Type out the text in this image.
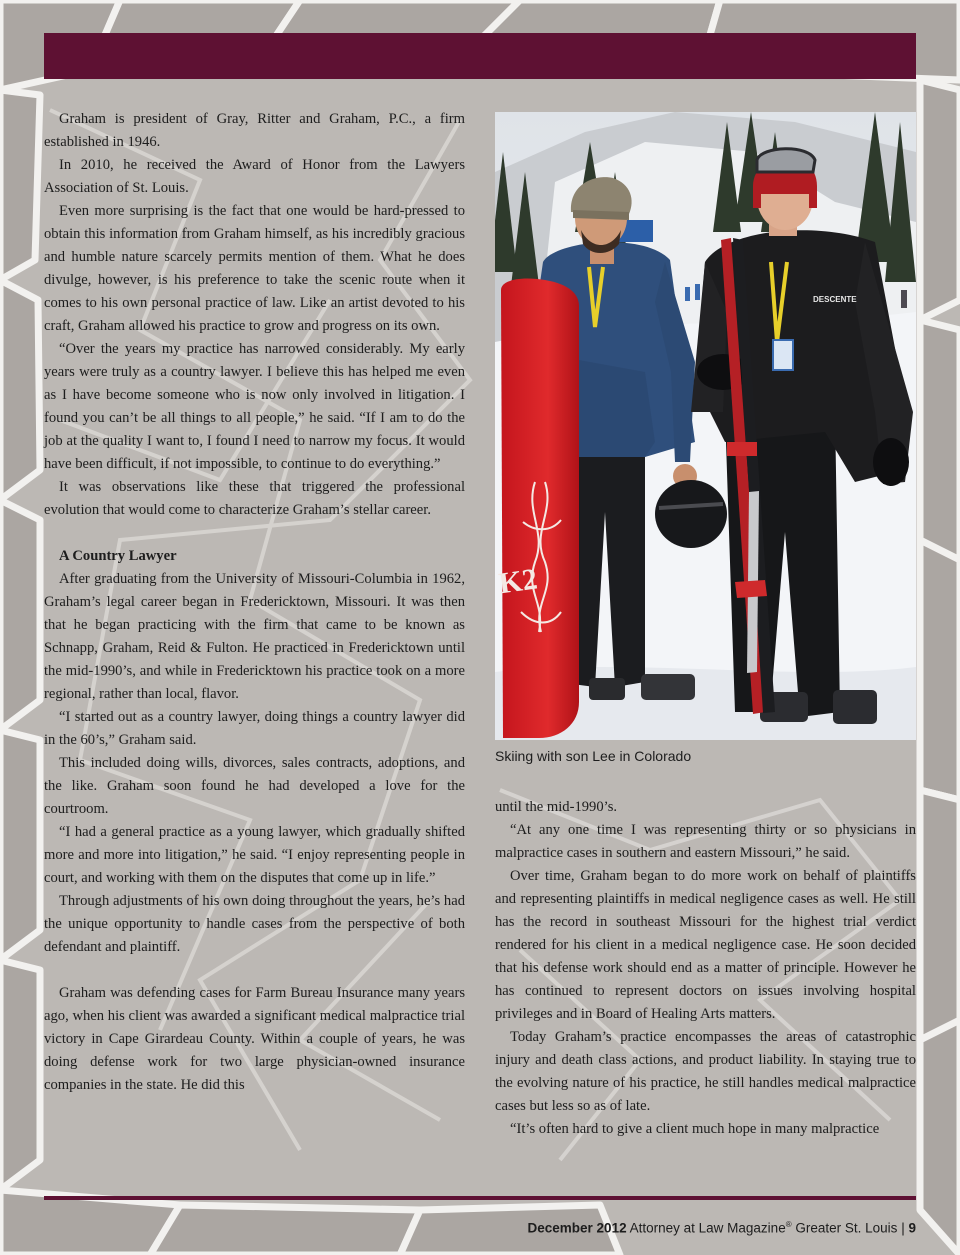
Graham is president of Gray, Ritter and Graham, P.C., a firm established in 1946.

In 2010, he received the Award of Honor from the Lawyers Association of St. Louis.

Even more surprising is the fact that one would be hard-pressed to obtain this information from Graham himself, as his incredibly gracious and humble nature scarcely permits mention of them. What he does divulge, however, is his preference to take the scenic route when it comes to his own personal practice of law. Like an artist devoted to his craft, Graham allowed his practice to grow and progress on its own.

“Over the years my practice has narrowed considerably. My early years were truly as a country lawyer. I believe this has helped me even as I have become someone who is now only involved in litigation. I found you can’t be all things to all people,” he said. “If I am to do the job at the quality I want to, I found I need to narrow my focus. It would have been difficult, if not impossible, to continue to do everything.”

It was observations like these that triggered the professional evolution that would come to characterize Graham’s stellar career.

A Country Lawyer

After graduating from the University of Missouri-Columbia in 1962, Graham’s legal career began in Fredericktown, Missouri. It was then that he began practicing with the firm that came to be known as Schnapp, Graham, Reid & Fulton. He practiced in Fredericktown until the mid-1990’s, and while in Fredericktown his practice took on a more regional, rather than local, flavor.

“I started out as a country lawyer, doing things a country lawyer did in the 60’s,” Graham said.

This included doing wills, divorces, sales contracts, adoptions, and the like. Graham soon found he had developed a love for the courtroom.

“I had a general practice as a young lawyer, which gradually shifted more and more into litigation,” he said. “I enjoy representing people in court, and working with them on the disputes that come up in life.”

Through adjustments of his own doing throughout the years, he’s had the unique opportunity to handle cases from the perspective of both defendant and plaintiff.

Graham was defending cases for Farm Bureau Insurance many years ago, when his client was awarded a significant medical malpractice trial victory in Cape Girardeau County. Within a couple of years, he was doing defense work for two large physician-owned insurance companies in the state. He did this

K2
DESCENTE
Skiing with son Lee in Colorado

until the mid-1990’s.

“At any one time I was representing thirty or so physicians in malpractice cases in southern and eastern Missouri,” he said.

Over time, Graham began to do more work on behalf of plaintiffs and representing plaintiffs in medical negligence cases as well. He still has the record in southeast Missouri for the highest trial verdict rendered for his client in a medical negligence case. He soon decided that his defense work should end as a matter of principle. However he has continued to represent doctors on issues involving hospital privileges and in Board of Healing Arts matters.

Today Graham’s practice encompasses the areas of catastrophic injury and death class actions, and product liability. In staying true to the evolving nature of his practice, he still handles medical malpractice cases but less so as of late.

“It’s often hard to give a client much hope in many malpractice

December 2012 Attorney at Law Magazine® Greater St. Louis | 9
